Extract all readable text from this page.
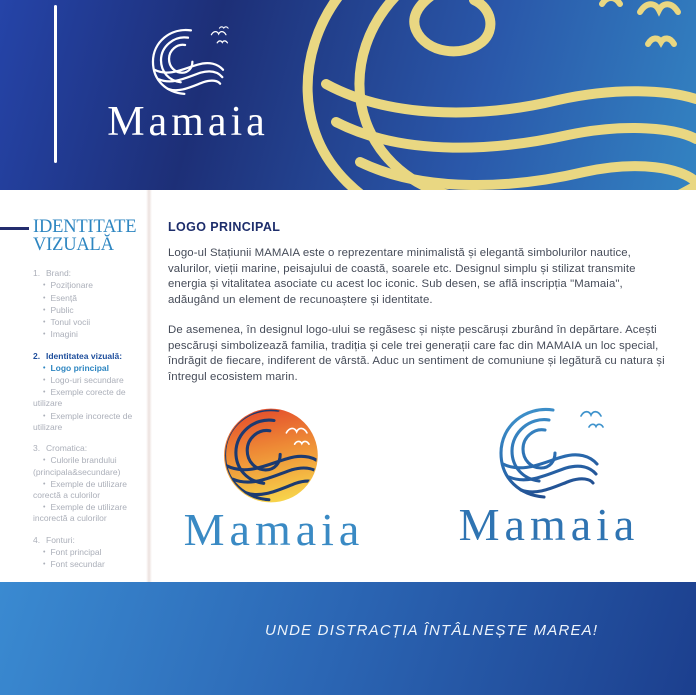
Mamaia
IDENTITATE
VIZUALĂ
1. Brand:
• Poziționare
• Esență
• Public
• Tonul vocii
• Imagini
2. Identitatea vizuală:
• Logo principal
• Logo-uri secundare
• Exemple corecte de utilizare
• Exemple incorecte de utilizare
3. Cromatica:
• Culorile brandului (principala&secundare)
• Exemple de utilizare corectă a culorilor
• Exemple de utilizare incorectă a culorilor
4. Fonturi:
• Font principal
• Font secundar
LOGO PRINCIPAL

Logo-ul Stațiunii MAMAIA este o reprezentare minimalistă și elegantă simbolurilor nautice, valurilor, vieții marine, peisajului de coastă, soarele etc. Designul simplu și stilizat transmite energia și vitalitatea asociate cu acest loc iconic. Sub desen, se află inscripția "Mamaia", adăugând un element de recunoaștere și identitate.

De asemenea, în designul logo-ului se regăsesc și niște pescăruși zburând în depărtare. Acești pescăruși simbolizează familia, tradiția și cele trei generații care fac din MAMAIA un loc special, îndrăgit de fiecare, indiferent de vârstă. Aduc un sentiment de comuniune și legătură cu natura și întregul ecosistem marin.

Mamaia	Mamaia
UNDE DISTRACȚIA ÎNTÂLNEȘTE MAREA!
